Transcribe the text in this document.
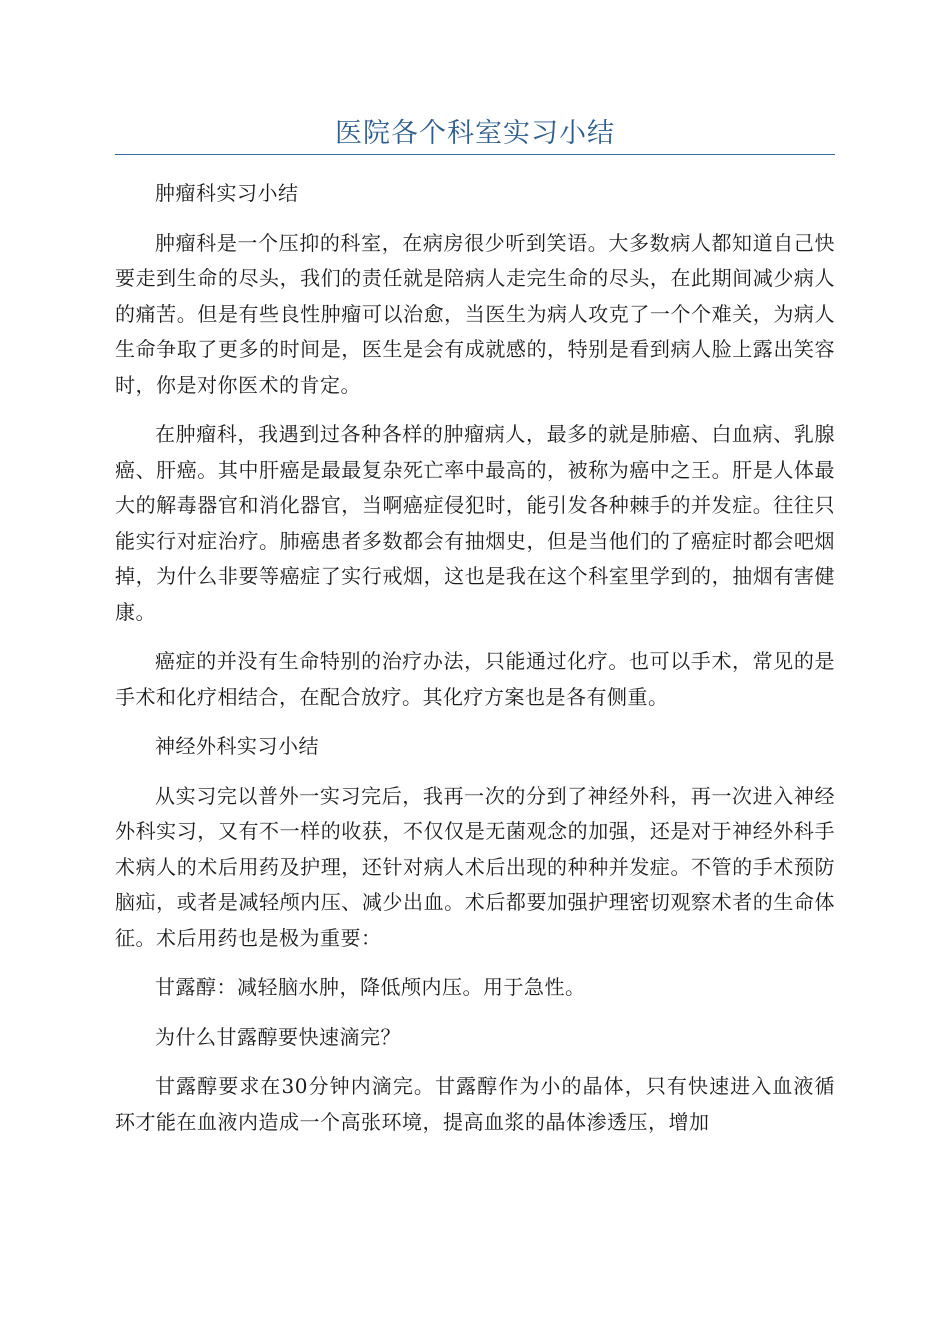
医院各个科室实习小结

肿瘤科实习小结

肿瘤科是一个压抑的科室，在病房很少听到笑语。大多数病人都知道自己快要走到生命的尽头，我们的责任就是陪病人走完生命的尽头，在此期间减少病人的痛苦。但是有些良性肿瘤可以治愈，当医生为病人攻克了一个个难关，为病人生命争取了更多的时间是，医生是会有成就感的，特别是看到病人脸上露出笑容时，你是对你医术的肯定。

在肿瘤科，我遇到过各种各样的肿瘤病人，最多的就是肺癌、白血病、乳腺癌、肝癌。其中肝癌是最最复杂死亡率中最高的，被称为癌中之王。肝是人体最大的解毒器官和消化器官，当啊癌症侵犯时，能引发各种棘手的并发症。往往只能实行对症治疗。肺癌患者多数都会有抽烟史，但是当他们的了癌症时都会吧烟掉，为什么非要等癌症了实行戒烟，这也是我在这个科室里学到的，抽烟有害健康。

癌症的并没有生命特别的治疗办法，只能通过化疗。也可以手术，常见的是手术和化疗相结合，在配合放疗。其化疗方案也是各有侧重。

神经外科实习小结

从实习完以普外一实习完后，我再一次的分到了神经外科，再一次进入神经外科实习，又有不一样的收获，不仅仅是无菌观念的加强，还是对于神经外科手术病人的术后用药及护理，还针对病人术后出现的种种并发症。不管的手术预防脑疝，或者是减轻颅内压、减少出血。术后都要加强护理密切观察术者的生命体征。术后用药也是极为重要：

甘露醇：减轻脑水肿，降低颅内压。用于急性。

为什么甘露醇要快速滴完？

甘露醇要求在30分钟内滴完。甘露醇作为小的晶体，只有快速进入血液循环才能在血液内造成一个高张环境，提高血浆的晶体渗透压，增加
